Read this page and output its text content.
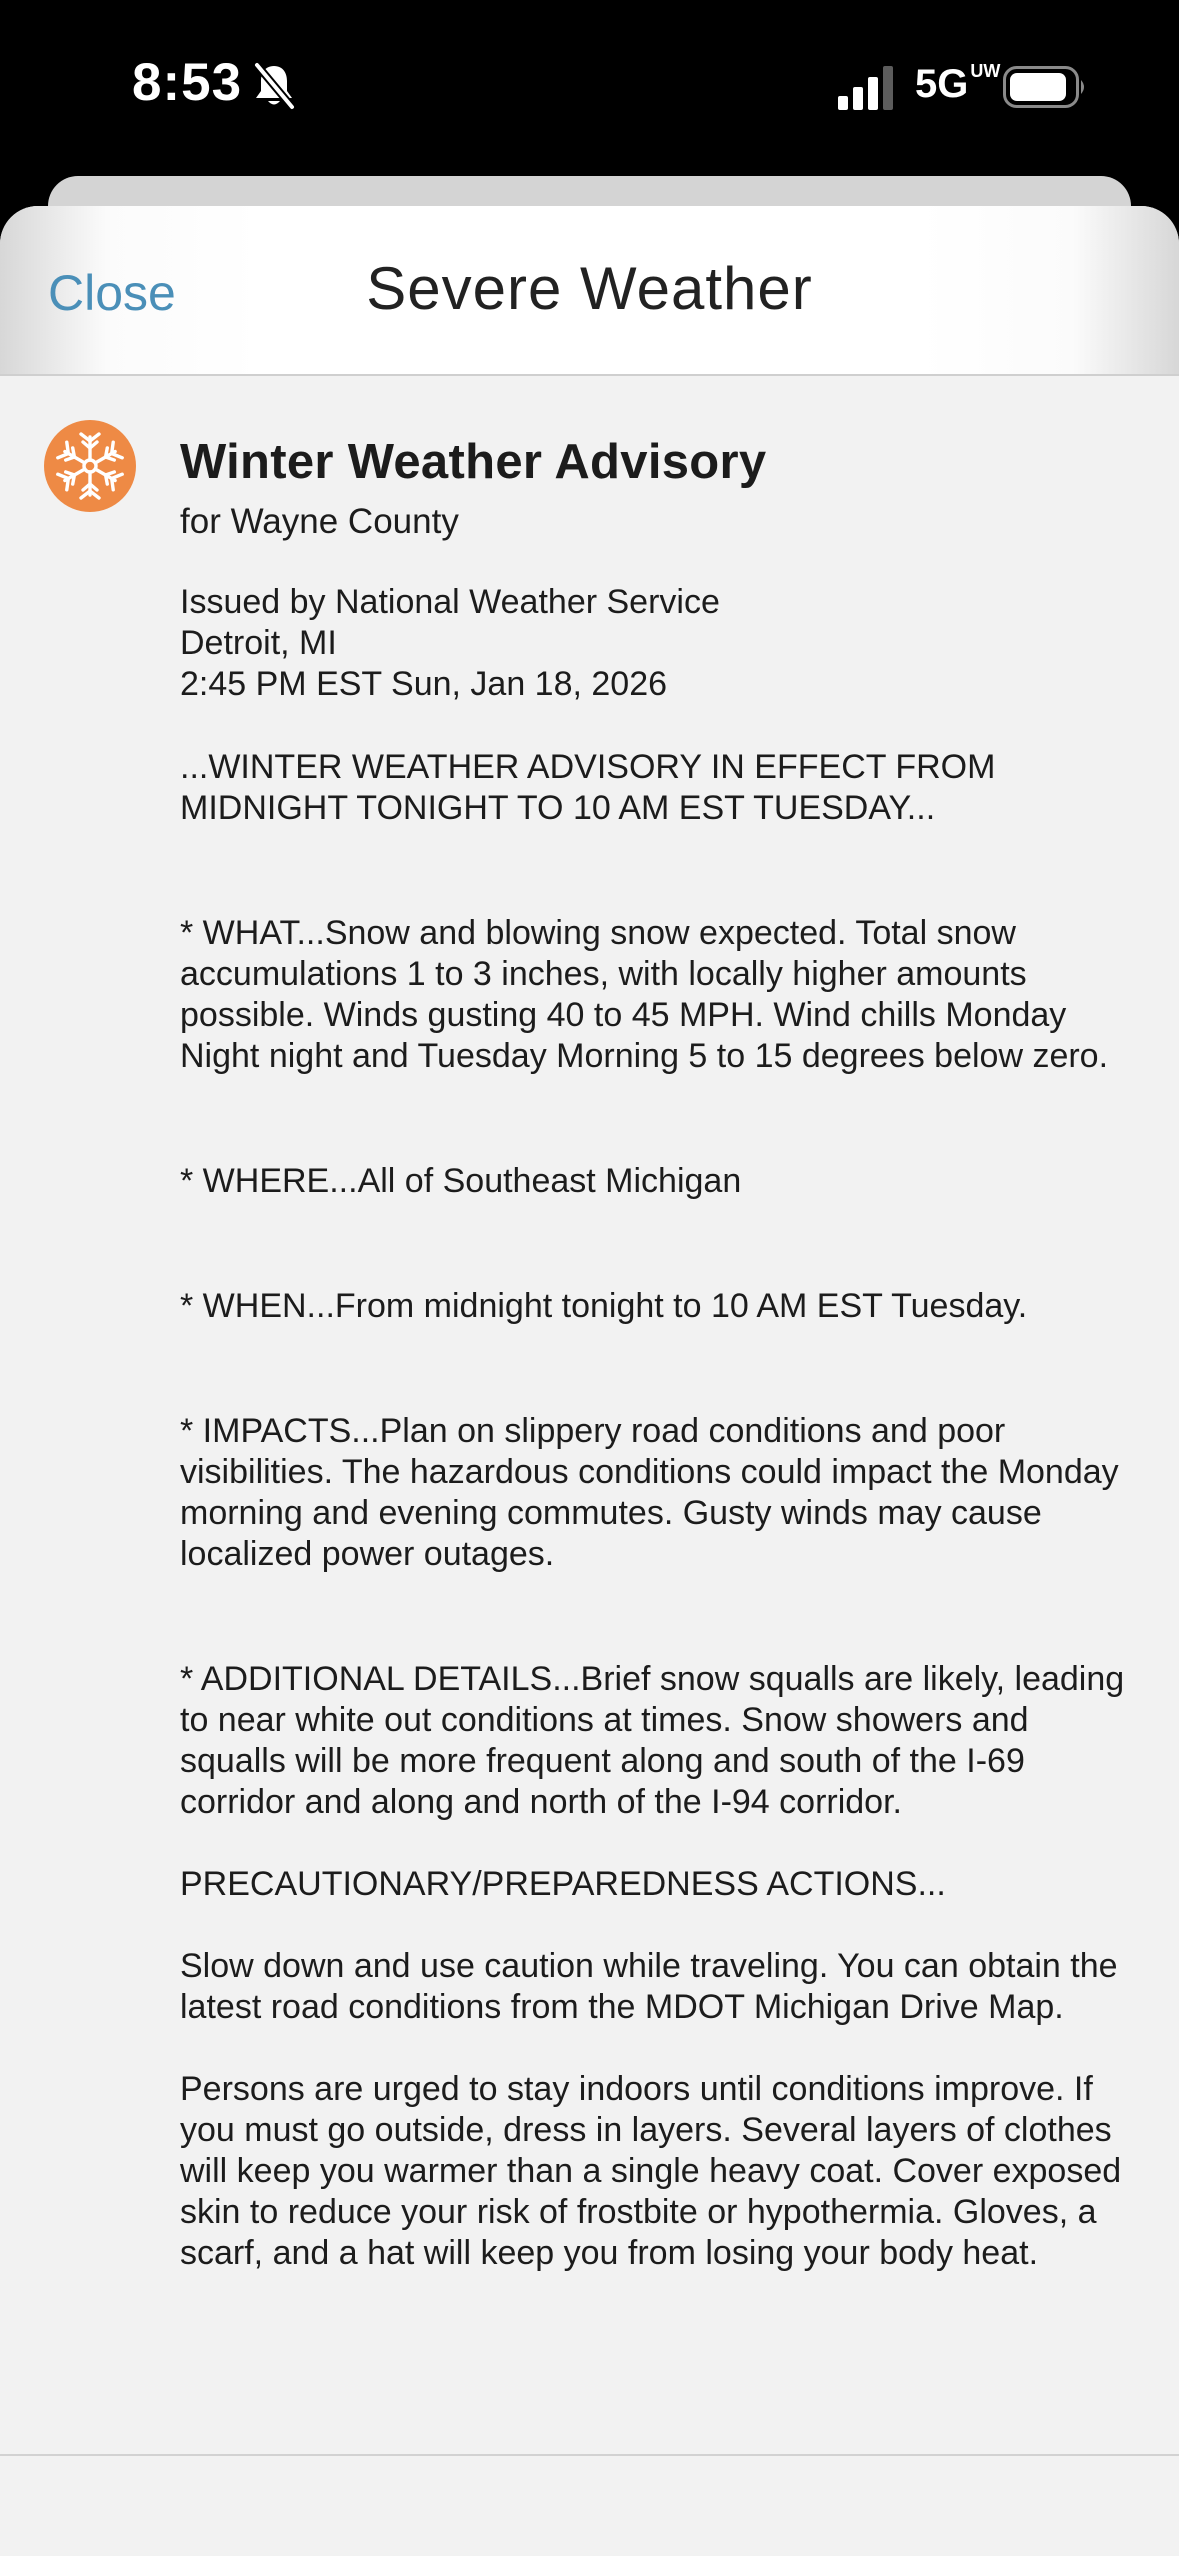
8:53	5G UW
Close	Severe Weather
Winter Weather Advisory

for Wayne County

Issued by National Weather Service
Detroit, MI
2:45 PM EST Sun, Jan 18, 2026

...WINTER WEATHER ADVISORY IN EFFECT FROM MIDNIGHT TONIGHT TO 10 AM EST TUESDAY...

* WHAT...Snow and blowing snow expected. Total snow accumulations 1 to 3 inches, with locally higher amounts possible. Winds gusting 40 to 45 MPH. Wind chills Monday Night night and Tuesday Morning 5 to 15 degrees below zero.

* WHERE...All of Southeast Michigan

* WHEN...From midnight tonight to 10 AM EST Tuesday.

* IMPACTS...Plan on slippery road conditions and poor visibilities. The hazardous conditions could impact the Monday morning and evening commutes. Gusty winds may cause localized power outages.

* ADDITIONAL DETAILS...Brief snow squalls are likely, leading to near white out conditions at times. Snow showers and squalls will be more frequent along and south of the I-69 corridor and along and north of the I-94 corridor.

PRECAUTIONARY/PREPAREDNESS ACTIONS...

Slow down and use caution while traveling. You can obtain the latest road conditions from the MDOT Michigan Drive Map.

Persons are urged to stay indoors until conditions improve. If you must go outside, dress in layers. Several layers of clothes will keep you warmer than a single heavy coat. Cover exposed skin to reduce your risk of frostbite or hypothermia. Gloves, a scarf, and a hat will keep you from losing your body heat.
